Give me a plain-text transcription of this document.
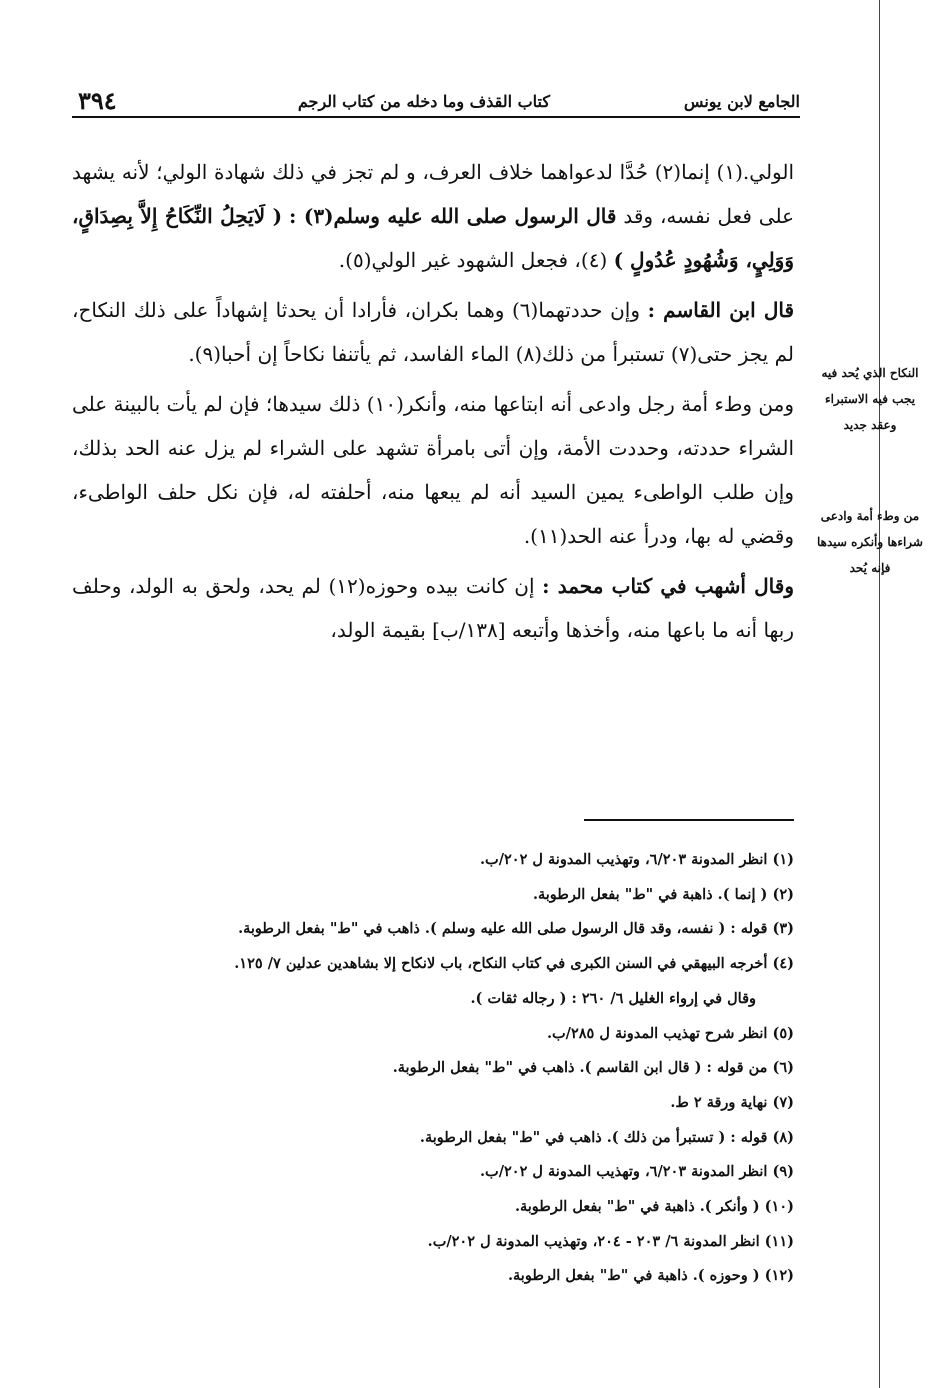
الجامع لابن يونس
كتاب القذف وما دخله من كتاب الرجم
٣٩٤

الولي.(١) إنما(٢) حُدَّا لدعواهما خلاف العرف، و لم تجز في ذلك شهادة الولي؛ لأنه يشهد على فعل نفسه، وقد قال الرسول صلى الله عليه وسلم(٣) : ( لَايَحِلُ النِّكَاحُ إِلاَّ بِصِدَاقٍ، وَوَلِيٍ، وَشُهُودٍ عُدُولٍ ) (٤)، فجعل الشهود غير الولي(٥).

قال ابن القاسم : وإن حددتهما(٦) وهما بكران، فأرادا أن يحدثا إشهاداً على ذلك النكاح، لم يجز حتى(٧) تستبرأ من ذلك(٨) الماء الفاسد، ثم يأتنفا نكاحاً إن أحبا(٩).

ومن وطء أمة رجل وادعى أنه ابتاعها منه، وأنكر(١٠) ذلك سيدها؛ فإن لم يأت بالبينة على الشراء حددته، وحددت الأمة، وإن أتى بامرأة تشهد على الشراء لم يزل عنه الحد بذلك، وإن طلب الواطىء يمين السيد أنه لم يبعها منه، أحلفته له، فإن نكل حلف الواطىء، وقضي له بها، ودرأ عنه الحد(١١).

وقال أشهب في كتاب محمد : إن كانت بيده وحوزه(١٢) لم يحد، ولحق به الولد، وحلف ربها أنه ما باعها منه، وأخذها وأتبعه [١٣٨/ب] بقيمة الولد،

النكاح الذي يُحد فيه
يجب فيه الاستبراء
وعقد جديد
من وطء أمة وادعى
شراءها وأنكره سيدها
فإنه يُحد
(١) انظر المدونة ٦/٢٠٣، وتهذيب المدونة ل ٢٠٢/ب.
(٢) ( إنما ). ذاهبة في "ط" بفعل الرطوبة.
(٣) قوله : ( نفسه، وقد قال الرسول صلى الله عليه وسلم ). ذاهب في "ط" بفعل الرطوبة.
(٤) أخرجه البيهقي في السنن الكبرى في كتاب النكاح، باب لانكاح إلا بشاهدين عدلين ٧/ ١٢٥.
وقال في إرواء الغليل ٦/ ٢٦٠ : ( رجاله ثقات ).
(٥) انظر شرح تهذيب المدونة ل ٢٨٥/ب.
(٦) من قوله : ( قال ابن القاسم ). ذاهب في "ط" بفعل الرطوبة.
(٧) نهاية ورقة ٢ ط.
(٨) قوله : ( تستبرأ من ذلك ). ذاهب في "ط" بفعل الرطوبة.
(٩) انظر المدونة ٦/٢٠٣، وتهذيب المدونة ل ٢٠٢/ب.
(١٠) ( وأنكر ). ذاهبة في "ط" بفعل الرطوبة.
(١١) انظر المدونة ٦/ ٢٠٣ - ٢٠٤، وتهذيب المدونة ل ٢٠٢/ب.
(١٢) ( وحوزه ). ذاهبة في "ط" بفعل الرطوبة.
